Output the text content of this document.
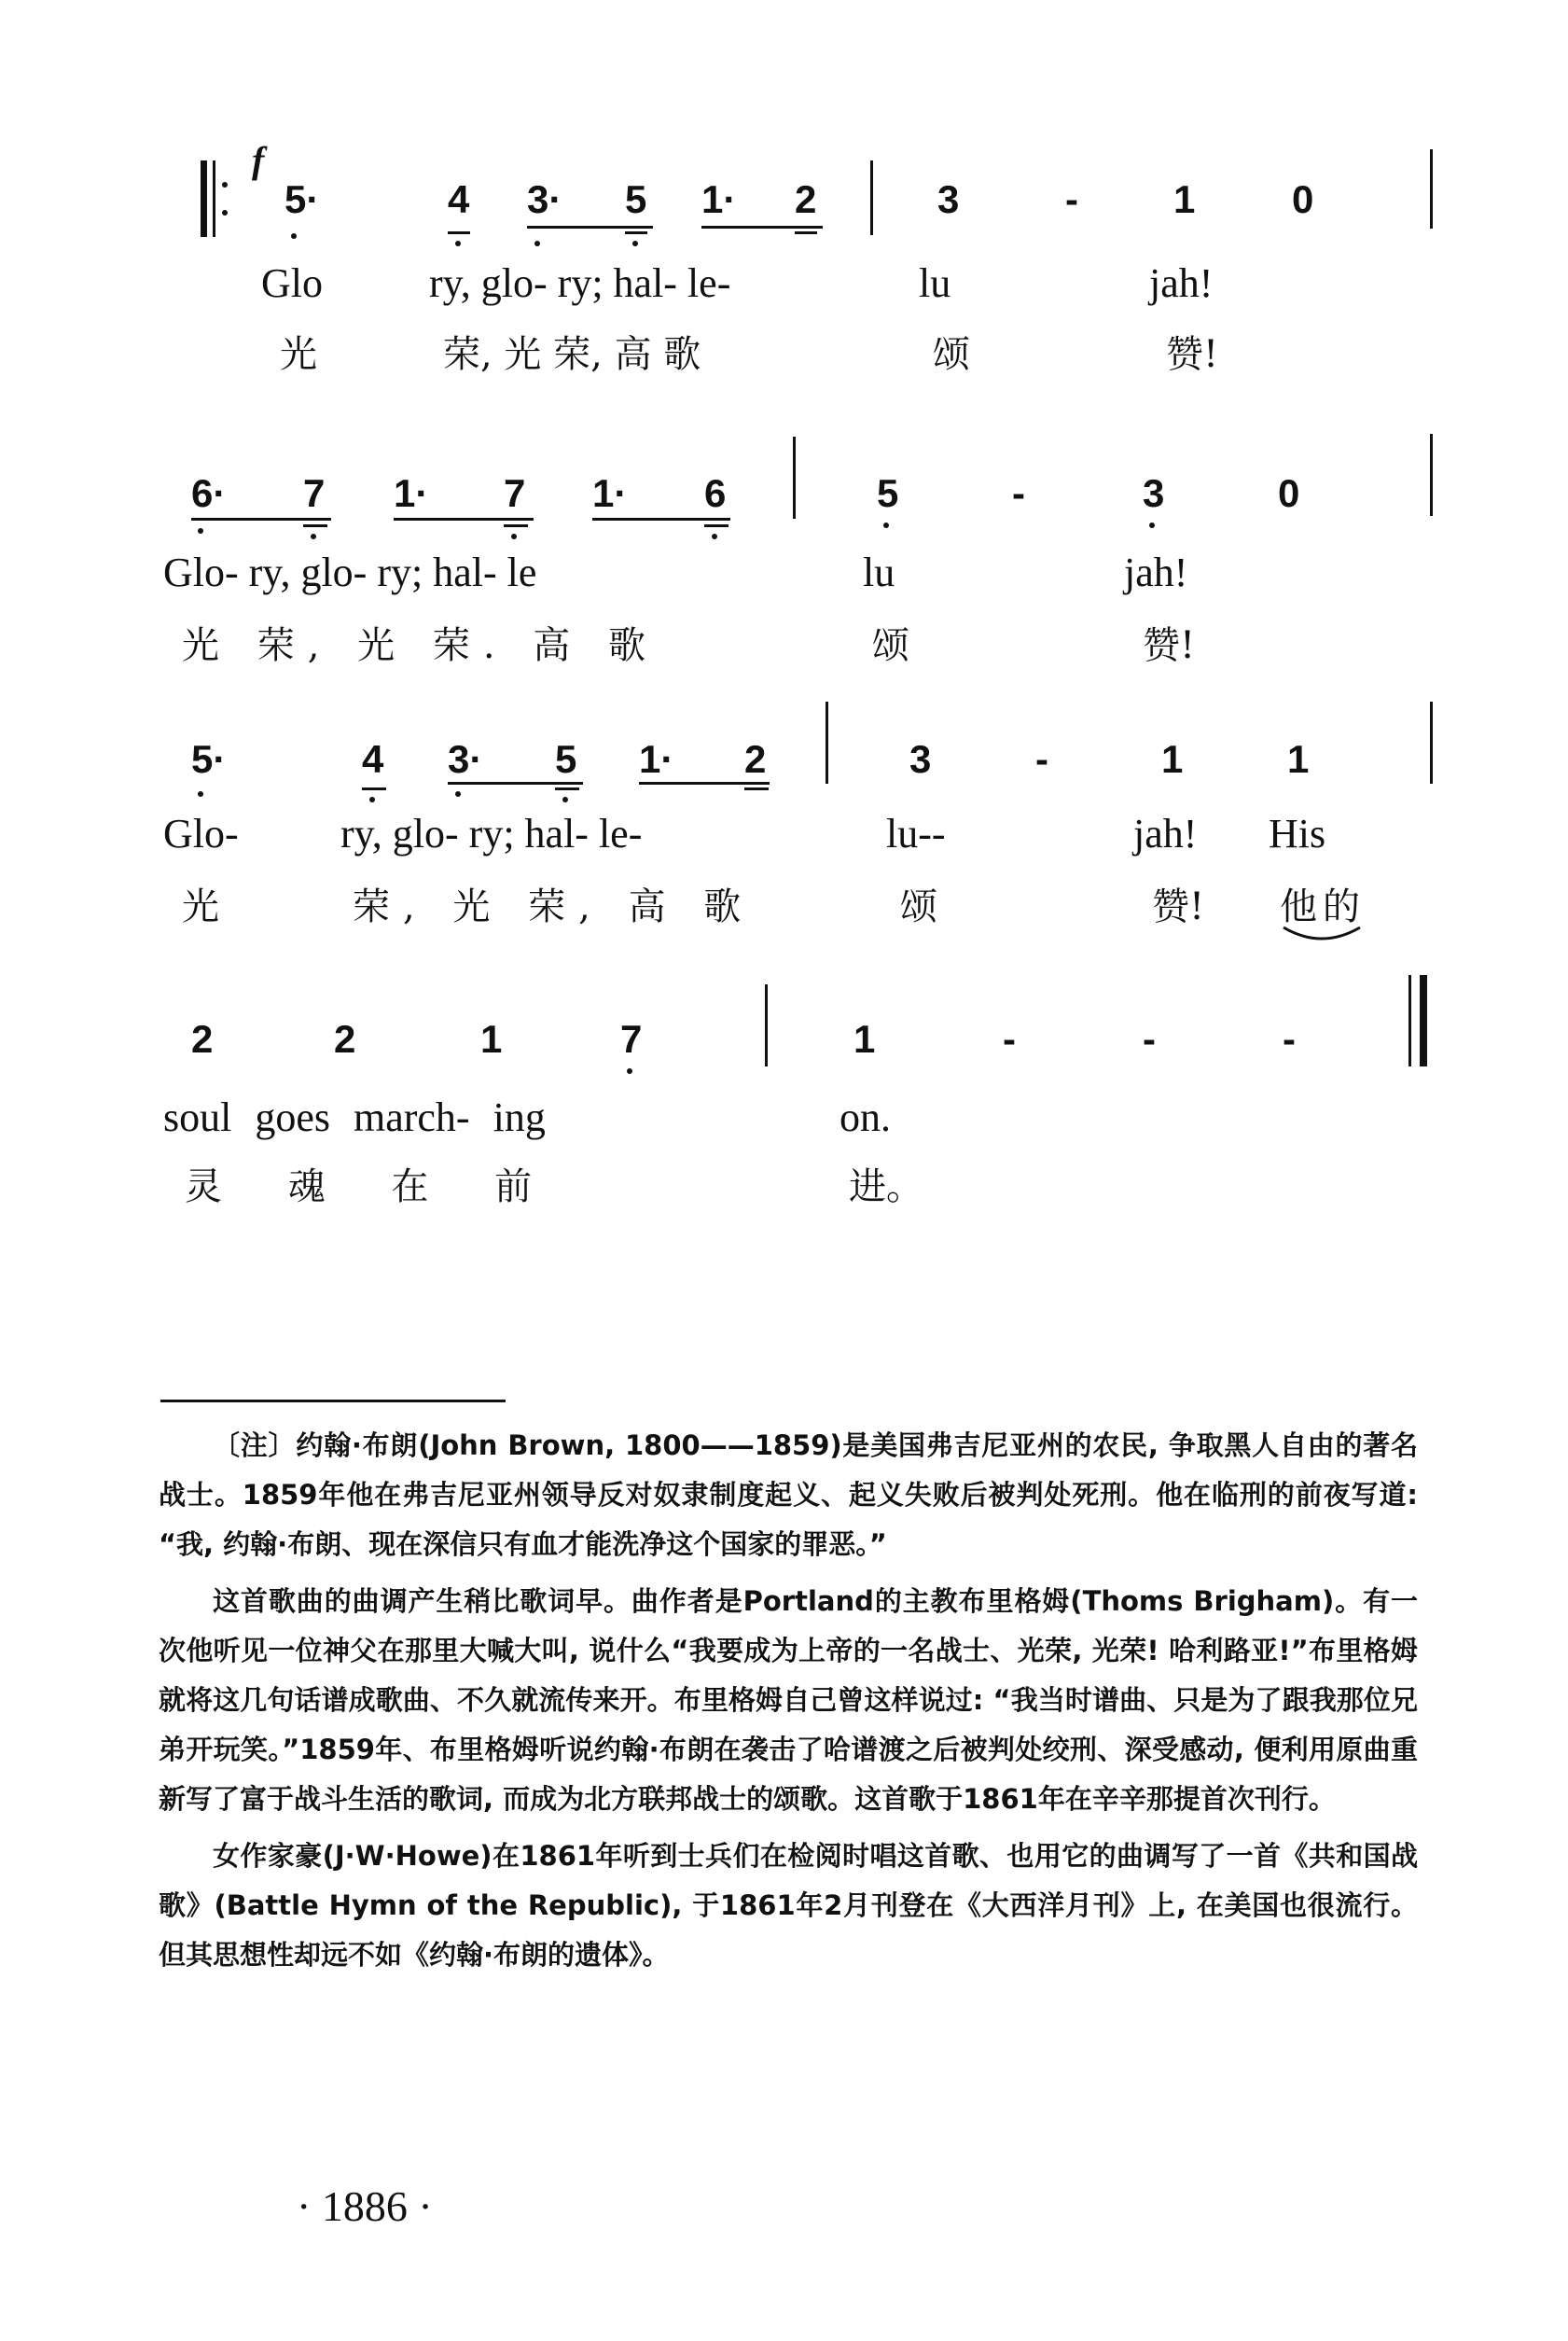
f
5·	4 3· 5 1· 2	3	- 1 0
Glo	ry, glo- ry; hal- le-	lu	jah!
光	荣, 光 荣, 高 歌	颂	赞!
6· 7 1· 7 1· 6	5	-	3	0
Glo- ry, glo- ry; hal- le	lu	jah!
光 荣, 光 荣. 高 歌	颂	赞!
5·	4 3· 5 1· 2	3	-	1	1
Glo- ry, glo- ry; hal- le-	lu--	jah! His
光	荣, 光 荣, 高 歌	颂	赞! 他的
2	2	1	7	1	-	-	-
soul goes march- ing	on.
灵 魂 在 前	进。

〔注〕约翰·布朗(John Brown, 1800——1859)是美国弗吉尼亚州的农民, 争取黑人自由的著名战士。1859年他在弗吉尼亚州领导反对奴隶制度起义、起义失败后被判处死刑。他在临刑的前夜写道: “我, 约翰·布朗、现在深信只有血才能洗净这个国家的罪恶。”

这首歌曲的曲调产生稍比歌词早。曲作者是Portland的主教布里格姆(Thoms Brigham)。有一次他听见一位神父在那里大喊大叫, 说什么“我要成为上帝的一名战士、光荣, 光荣! 哈利路亚!”布里格姆就将这几句话谱成歌曲、不久就流传来开。布里格姆自己曾这样说过: “我当时谱曲、只是为了跟我那位兄弟开玩笑。”1859年、布里格姆听说约翰·布朗在袭击了哈谱渡之后被判处绞刑、深受感动, 便利用原曲重新写了富于战斗生活的歌词, 而成为北方联邦战士的颂歌。这首歌于1861年在辛辛那提首次刊行。

女作家豪(J·W·Howe)在1861年听到士兵们在检阅时唱这首歌、也用它的曲调写了一首《共和国战歌》(Battle Hymn of the Republic), 于1861年2月刊登在《大西洋月刊》上, 在美国也很流行。但其思想性却远不如《约翰·布朗的遗体》。

· 1886 ·
